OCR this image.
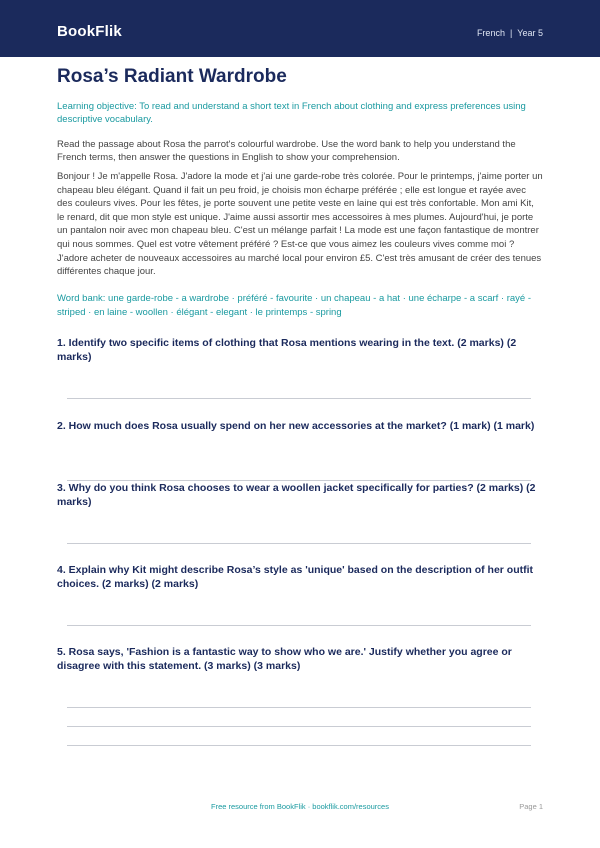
BookFlik	French | Year 5
Rosa’s Radiant Wardrobe

Learning objective: To read and understand a short text in French about clothing and express preferences using descriptive vocabulary.

Read the passage about Rosa the parrot's colourful wardrobe. Use the word bank to help you understand the French terms, then answer the questions in English to show your comprehension.

Bonjour ! Je m'appelle Rosa. J'adore la mode et j'ai une garde-robe très colorée. Pour le printemps, j'aime porter un chapeau bleu élégant. Quand il fait un peu froid, je choisis mon écharpe préférée ; elle est longue et rayée avec des couleurs vives. Pour les fêtes, je porte souvent une petite veste en laine qui est très confortable. Mon ami Kit, le renard, dit que mon style est unique. J'aime aussi assortir mes accessoires à mes plumes. Aujourd'hui, je porte un pantalon noir avec mon chapeau bleu. C'est un mélange parfait ! La mode est une façon fantastique de montrer qui nous sommes. Quel est votre vêtement préféré ? Est-ce que vous aimez les couleurs vives comme moi ? J'adore acheter de nouveaux accessoires au marché local pour environ £5. C'est très amusant de créer des tenues différentes chaque jour.

Word bank: une garde-robe - a wardrobe · préféré - favourite · un chapeau - a hat · une écharpe - a scarf · rayé - striped · en laine - woollen · élégant - elegant · le printemps - spring

1. Identify two specific items of clothing that Rosa mentions wearing in the text. (2 marks) (2 marks)

2. How much does Rosa usually spend on her new accessories at the market? (1 mark) (1 mark)

3. Why do you think Rosa chooses to wear a woollen jacket specifically for parties? (2 marks) (2 marks)

4. Explain why Kit might describe Rosa’s style as 'unique' based on the description of her outfit choices. (2 marks) (2 marks)

5. Rosa says, 'Fashion is a fantastic way to show who we are.' Justify whether you agree or disagree with this statement. (3 marks) (3 marks)

Free resource from BookFlik · bookflik.com/resources	Page 1
